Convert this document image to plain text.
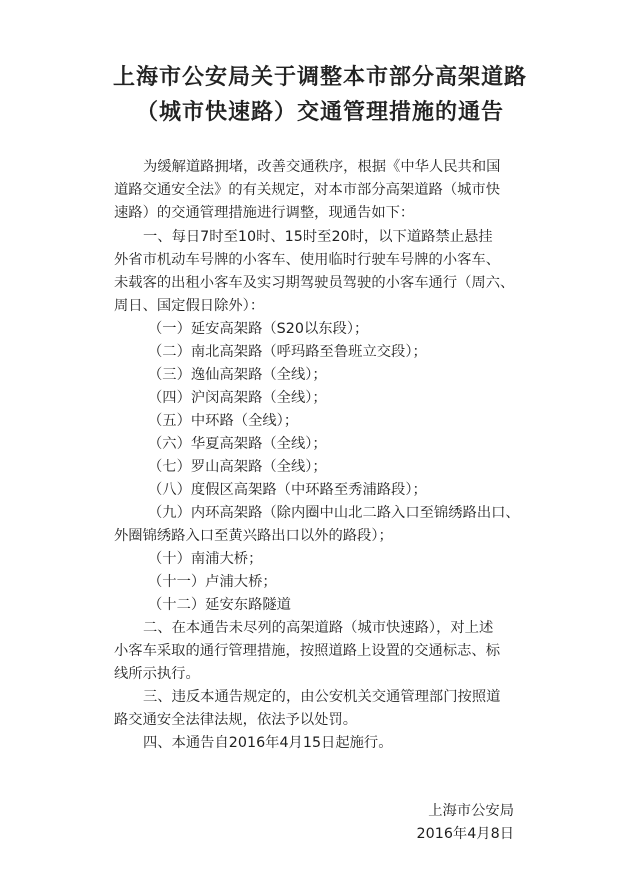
上海市公安局关于调整本市部分高架道路
（城市快速路）交通管理措施的通告
为缓解道路拥堵，改善交通秩序，根据《中华人民共和国
道路交通安全法》的有关规定，对本市部分高架道路（城市快
速路）的交通管理措施进行调整，现通告如下：
一、每日7时至10时、15时至20时，以下道路禁止悬挂
外省市机动车号牌的小客车、使用临时行驶车号牌的小客车、
未载客的出租小客车及实习期驾驶员驾驶的小客车通行（周六、
周日、国定假日除外）：
（一）延安高架路（S20以东段）；
（二）南北高架路（呼玛路至鲁班立交段）；
（三）逸仙高架路（全线）；
（四）沪闵高架路（全线）；
（五）中环路（全线）；
（六）华夏高架路（全线）；
（七）罗山高架路（全线）；
（八）度假区高架路（中环路至秀浦路段）；
（九）内环高架路（除内圈中山北二路入口至锦绣路出口、
外圈锦绣路入口至黄兴路出口以外的路段）；
（十）南浦大桥；
（十一）卢浦大桥；
（十二）延安东路隧道
二、在本通告未尽列的高架道路（城市快速路），对上述
小客车采取的通行管理措施，按照道路上设置的交通标志、标
线所示执行。
三、违反本通告规定的，由公安机关交通管理部门按照道
路交通安全法律法规，依法予以处罚。
四、本通告自2016年4月15日起施行。
上海市公安局
2016年4月8日
